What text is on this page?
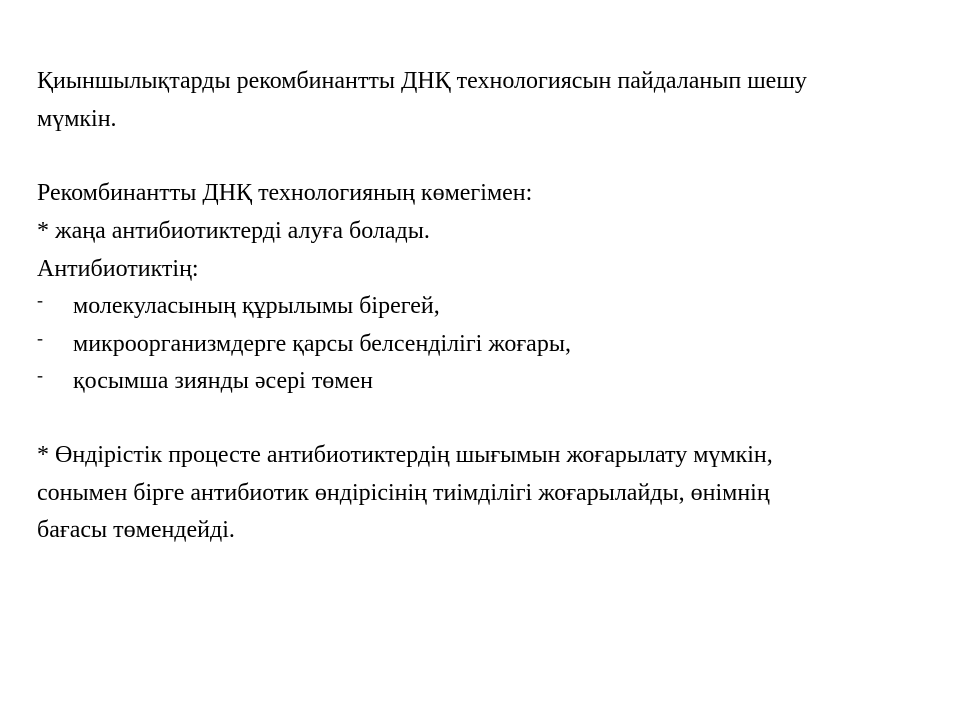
Қиыншылықтарды рекомбинантты ДНҚ технологиясын пайдаланып шешу
мүмкін.
Рекомбинантты ДНҚ технологияның көмегімен:
* жаңа антибиотиктерді алуға болады.
Антибиотиктің:
- молекуласының құрылымы бірегей,
- микроорганизмдерге қарсы белсенділігі жоғары,
- қосымша зиянды әсері төмен
* Өндірістік процесте антибиотиктердің шығымын жоғарылату мүмкін,
сонымен бірге антибиотик өндірісінің тиімділігі жоғарылайды, өнімнің
бағасы төмендейді.
